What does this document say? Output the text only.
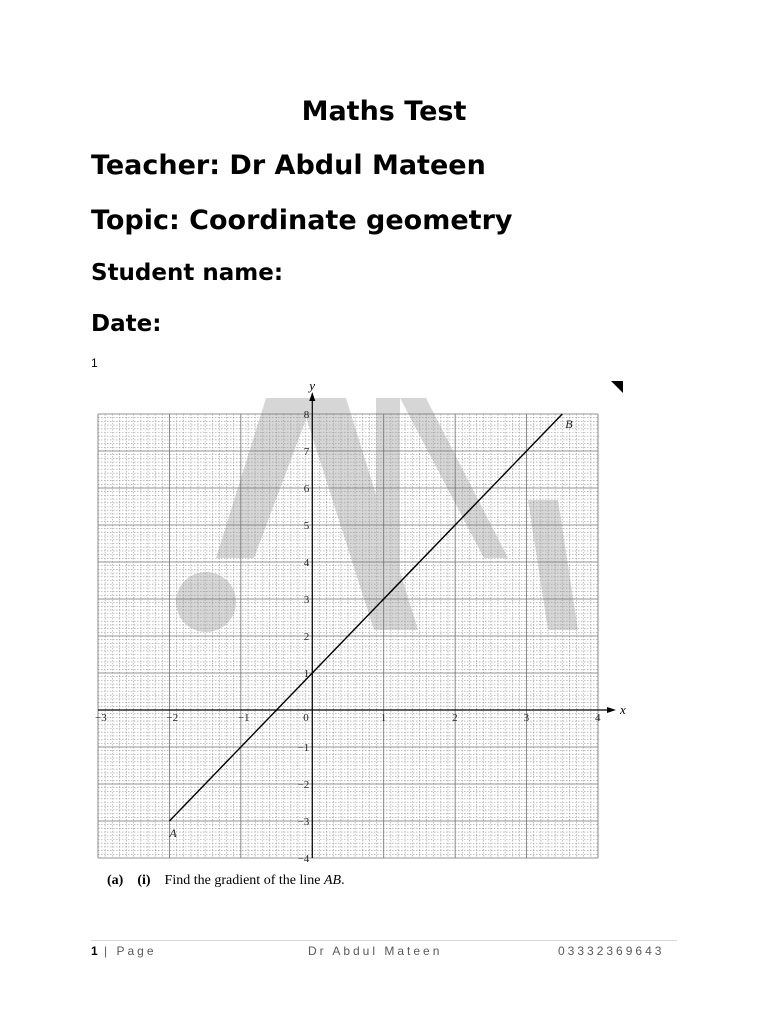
Maths Test
Teacher: Dr Abdul Mateen
Topic: Coordinate geometry
Student name:
Date:
1
−3	−2	−1	0	1	2	3	4
−4
−3
−2
−1
1
2
3
4
5
6
7
8
x
y
A
B
(a) (i) Find the gradient of the line AB.
1 | Page	Dr Abdul Mateen	03332369643
